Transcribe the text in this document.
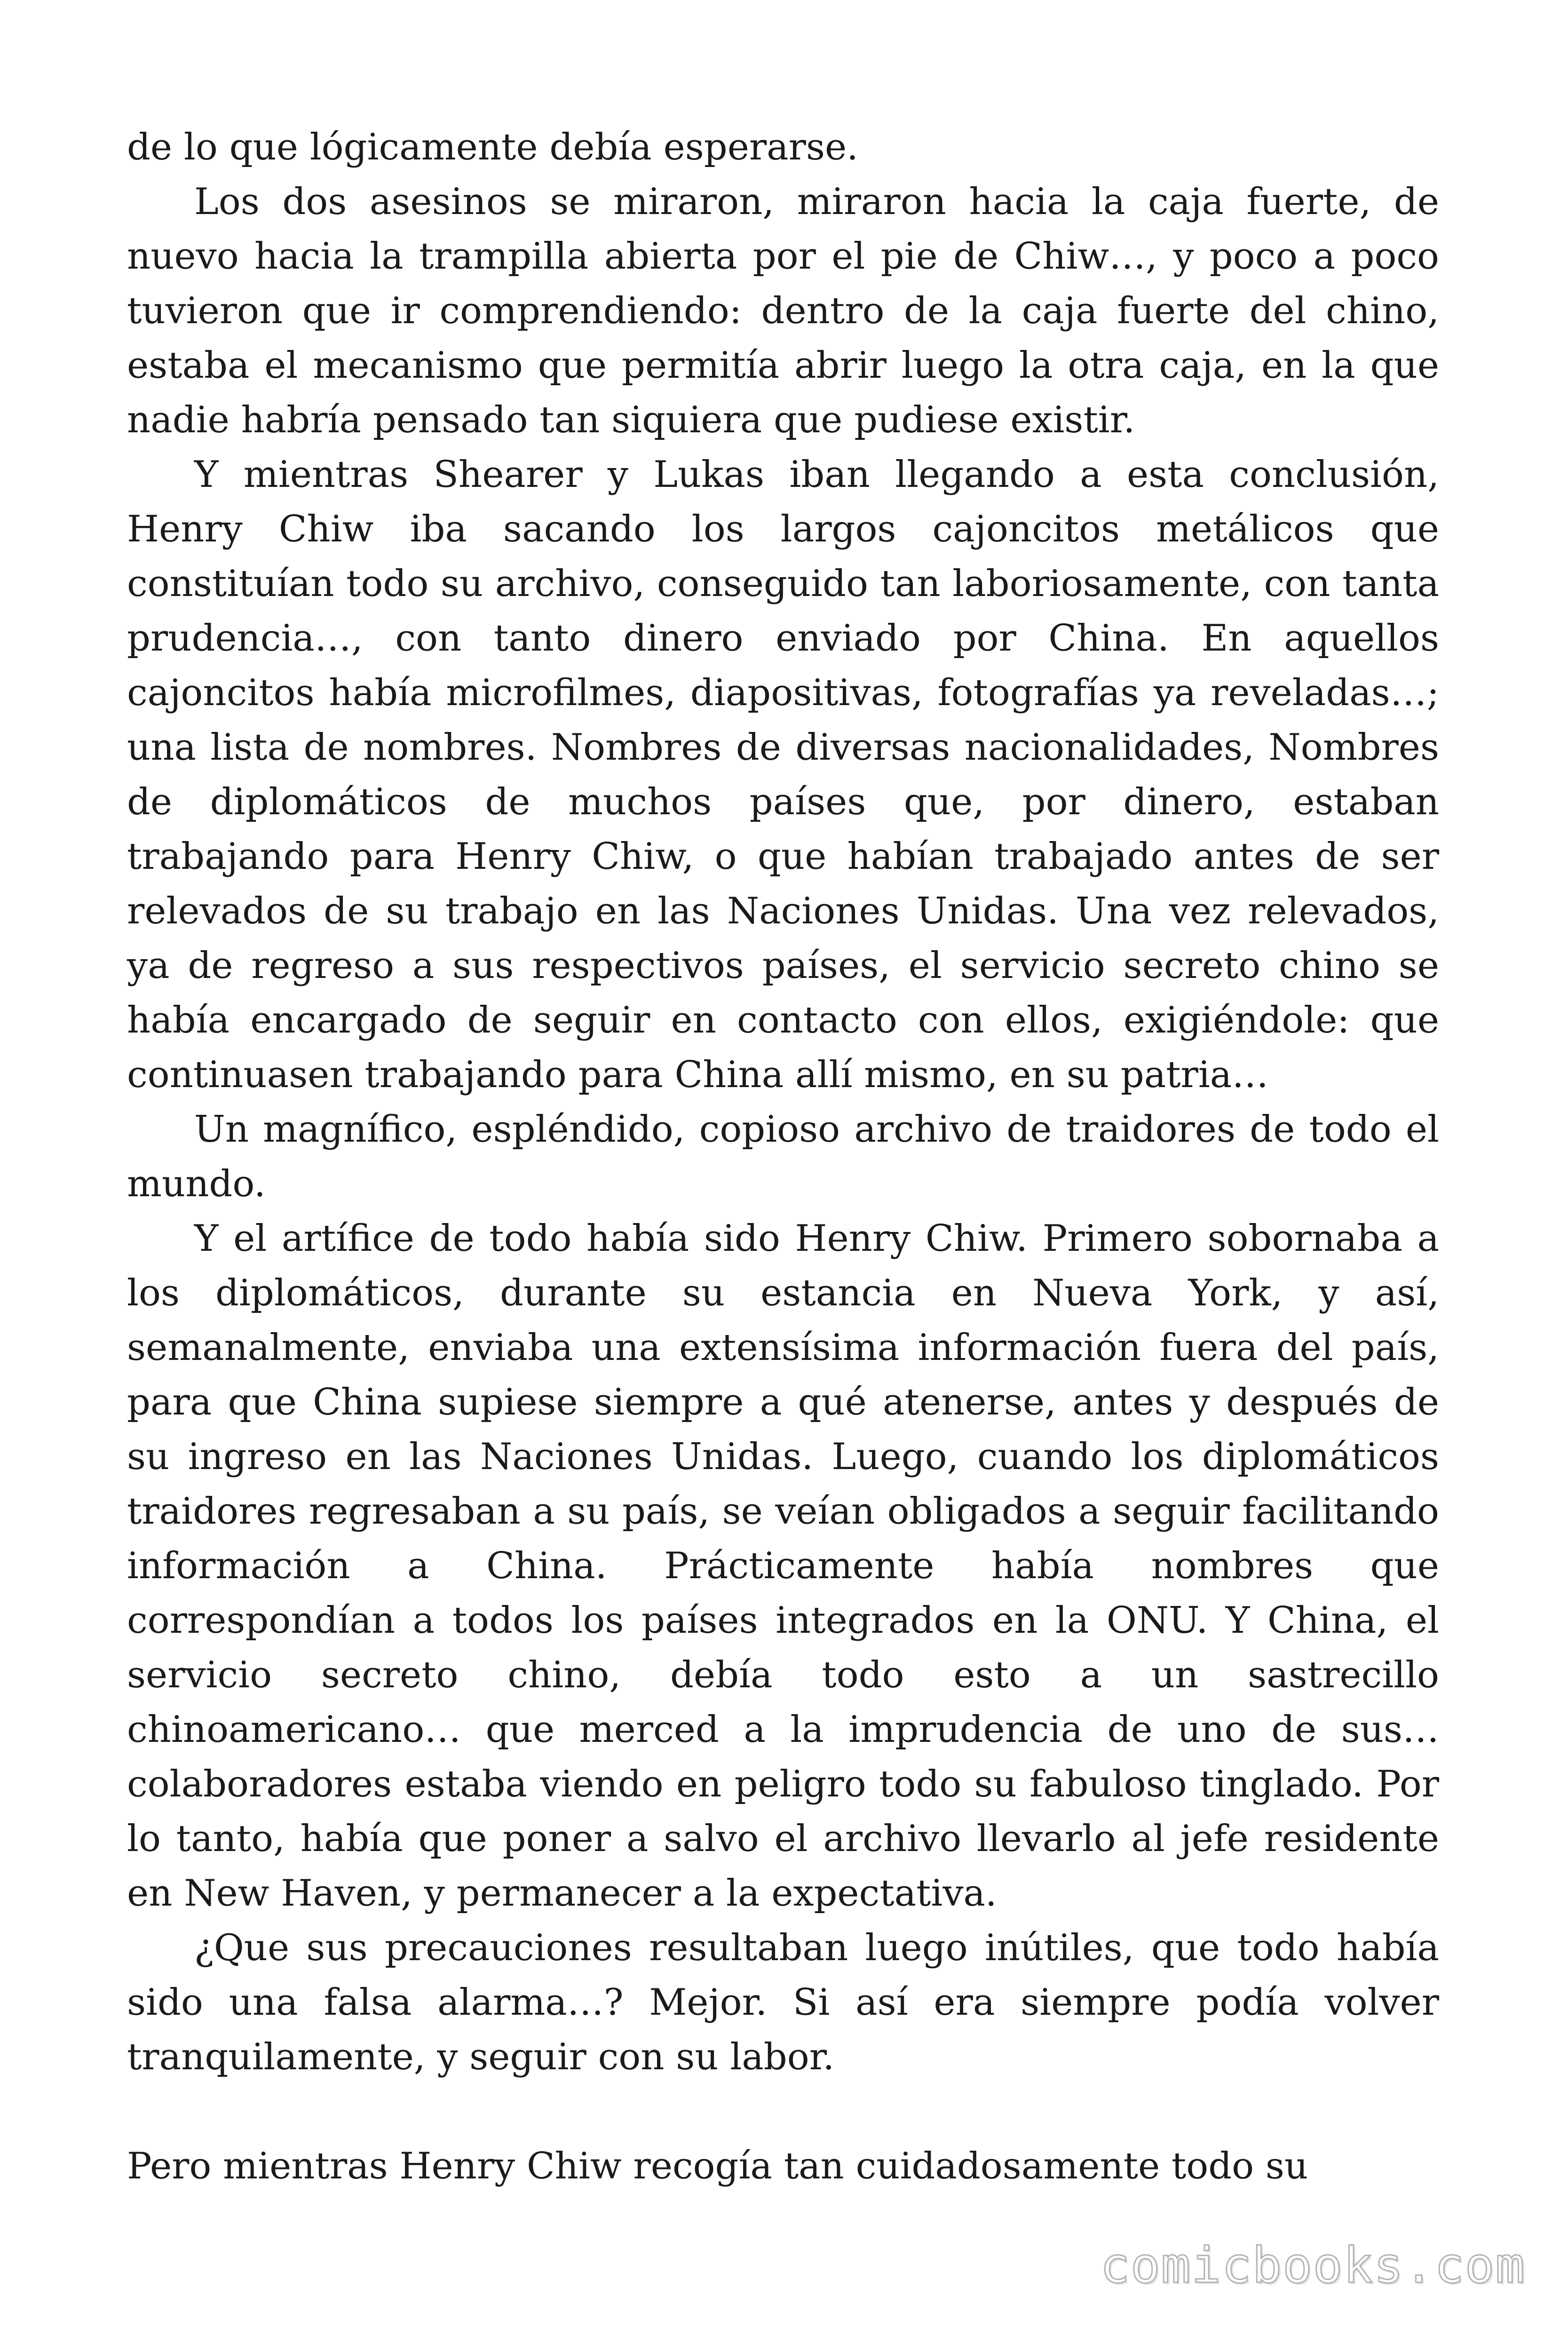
de lo que lógicamente debía esperarse.

Los dos asesinos se miraron, miraron hacia la caja fuerte, de nuevo hacia la trampilla abierta por el pie de Chiw…, y poco a poco tuvieron que ir comprendiendo: dentro de la caja fuerte del chino, estaba el mecanismo que permitía abrir luego la otra caja, en la que nadie habría pensado tan siquiera que pudiese existir.

Y mientras Shearer y Lukas iban llegando a esta conclusión, Henry Chiw iba sacando los largos cajoncitos metálicos que constituían todo su archivo, conseguido tan laboriosamente, con tanta prudencia…, con tanto dinero enviado por China. En aquellos cajoncitos había microfilmes, diapositivas, fotografías ya reveladas…; una lista de nombres. Nombres de diversas nacionalidades, Nombres de diplomáticos de muchos países que, por dinero, estaban trabajando para Henry Chiw, o que habían trabajado antes de ser relevados de su trabajo en las Naciones Unidas. Una vez relevados, ya de regreso a sus respectivos países, el servicio secreto chino se había encargado de seguir en contacto con ellos, exigiéndole: que continuasen trabajando para China allí mismo, en su patria…

Un magnífico, espléndido, copioso archivo de traidores de todo el mundo.

Y el artífice de todo había sido Henry Chiw. Primero sobornaba a los diplomáticos, durante su estancia en Nueva York, y así, semanalmente, enviaba una extensísima información fuera del país, para que China supiese siempre a qué atenerse, antes y después de su ingreso en las Naciones Unidas. Luego, cuando los diplomáticos traidores regresaban a su país, se veían obligados a seguir facilitando información a China. Prácticamente había nombres que correspondían a todos los países integrados en la ONU. Y China, el servicio secreto chino, debía todo esto a un sastrecillo chinoamericano… que merced a la imprudencia de uno de sus… colaboradores estaba viendo en peligro todo su fabuloso tinglado. Por lo tanto, había que poner a salvo el archivo llevarlo al jefe residente en New Haven, y permanecer a la expectativa.

¿Que sus precauciones resultaban luego inútiles, que todo había sido una falsa alarma…? Mejor. Si así era siempre podía volver tranquilamente, y seguir con su labor.

Pero mientras Henry Chiw recogía tan cuidadosamente todo su

comicbooks.com
